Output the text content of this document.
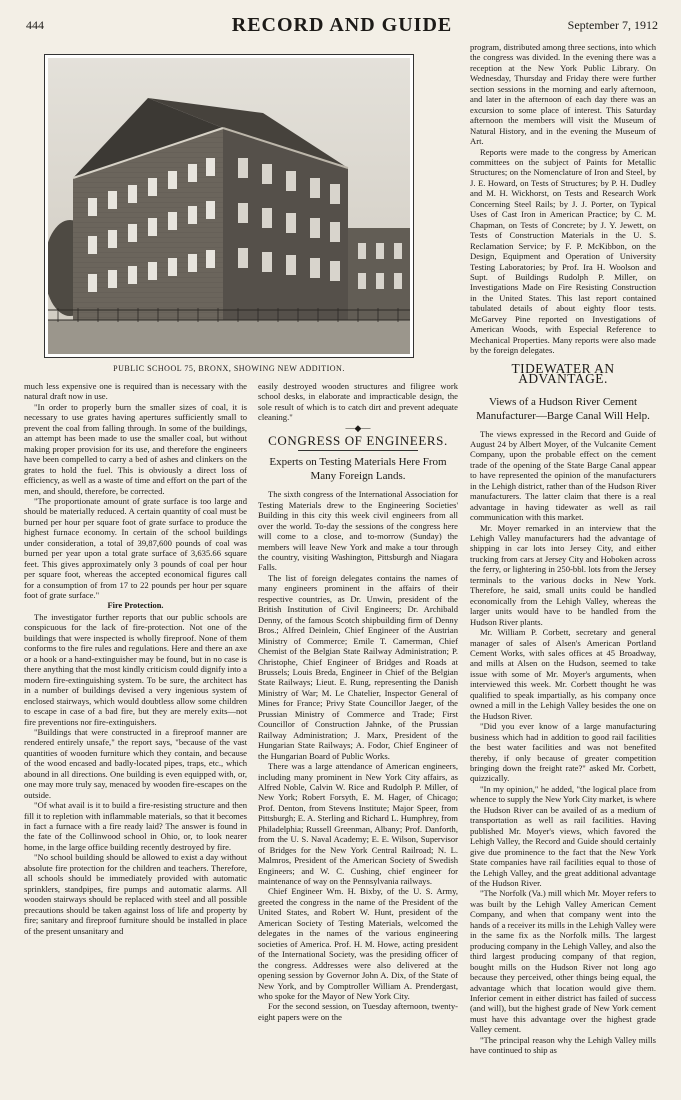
444	RECORD AND GUIDE	September 7, 1912
PUBLIC SCHOOL 75, BRONX, SHOWING NEW ADDITION.

much less expensive one is required than is necessary with the natural draft now in use.

"In order to properly burn the smaller sizes of coal, it is necessary to use grates having apertures sufficiently small to prevent the coal from falling through. In some of the buildings, an attempt has been made to use the smaller coal, but without making proper provision for its use, and therefore the engineers have been compelled to carry a bed of ashes and clinkers on the grates to hold the fuel. This is obviously a direct loss of efficiency, as well as a waste of time and effort on the part of the men, and should, therefore, be corrected.

"The proportionate amount of grate surface is too large and should be materially reduced. A certain quantity of coal must be burned per hour per square foot of grate surface to produce the highest furnace economy. In certain of the school buildings under consideration, a total of 39,87,600 pounds of coal was burned per year upon a total grate surface of 3,635.66 square feet. This gives approximately only 3 pounds of coal per hour per square foot, whereas the accepted economical figures call for a consumption of from 17 to 22 pounds per hour per square foot of grate surface."

Fire Protection.

The investigator further reports that our public schools are conspicuous for the lack of fire-protection. Not one of the buildings that were inspected is wholly fireproof. None of them conforms to the fire rules and regulations. Here and there an axe or a hook or a hand-extinguisher may be found, but in no case is there anything that the most kindly criticism could dignify into a modern fire-extinguishing system. To be sure, the architect has in a number of buildings devised a very ingenious system of enclosed stairways, which would doubtless allow some children to escape in case of a bad fire, but they are merely exits—not fire preventions nor fire-extinguishers.

"Buildings that were constructed in a fireproof manner are rendered entirely unsafe," the report says, "because of the vast quantities of wooden furniture which they contain, and because of the wood encased and badly-located pipes, traps, etc., which abound in all directions. One building is even equipped with, or, one may more truly say, menaced by wooden fire-escapes on the outside.

"Of what avail is it to build a fire-resisting structure and then fill it to repletion with inflammable materials, so that it becomes in fact a furnace with a fire ready laid? The answer is found in the fate of the Collinwood school in Ohio, or, to look nearer home, in the large office building recently destroyed by fire.

"No school building should be allowed to exist a day without absolute fire protection for the children and teachers. Therefore, all schools should be immediately provided with automatic sprinklers, standpipes, fire pumps and automatic alarms. All wooden stairways should be replaced with steel and all possible precautions should be taken against loss of life and property by fire; sanitary and fireproof furniture should be installed in place of the present unsanitary and

easily destroyed wooden structures and filigree work school desks, in elaborate and impracticable design, the sole result of which is to catch dirt and prevent adequate cleaning."

—◆—
CONGRESS OF ENGINEERS.
Experts on Testing Materials Here From Many Foreign Lands.

The sixth congress of the International Association for Testing Materials drew to the Engineering Societies' Building in this city this week civil engineers from all over the world. To-day the sessions of the congress here will come to a close, and to-morrow (Sunday) the members will leave New York and make a tour through the country, visiting Washington, Pittsburgh and Niagara Falls.

The list of foreign delegates contains the names of many engineers prominent in the affairs of their respective countries, as Dr. Unwin, president of the British Institution of Civil Engineers; Dr. Archibald Denny, of the famous Scotch shipbuilding firm of Denny Bros.; Alfred Deinlein, Chief Engineer of the Austrian Ministry of Commerce; Emile T. Camerman, Chief Chemist of the Belgian State Railway Administration; P. Christophe, Chief Engineer of Bridges and Roads at Brussels; Louis Breda, Engineer in Chief of the Belgian State Railways; Lieut. E. Rung, representing the Danish Ministry of War; M. Le Chatelier, Inspector General of Mines for France; Privy State Councillor Jaeger, of the Prussian Ministry of Commerce and Trade; First Councillor of Construction Jahnke, of the Prussian Railway Administration; J. Marx, President of the Hungarian State Railways; A. Fodor, Chief Engineer of the Hungarian Board of Public Works.

There was a large attendance of American engineers, including many prominent in New York City affairs, as Alfred Noble, Calvin W. Rice and Rudolph P. Miller, of New York; Robert Forsyth, E. M. Hager, of Chicago; Prof. Denton, from Stevens Institute; Major Speer, from Pittsburgh; E. A. Sterling and Richard L. Humphrey, from Philadelphia; Russell Greenman, Albany; Prof. Danforth, from the U. S. Naval Academy; E. E. Wilson, Supervisor of Bridges for the New York Central Railroad; N. L. Malmros, President of the American Society of Swedish Engineers; and W. C. Cushing, chief engineer for maintenance of way on the Pennsylvania railways.

Chief Engineer Wm. H. Bixby, of the U. S. Army, greeted the congress in the name of the President of the United States, and Robert W. Hunt, president of the American Society of Testing Materials, welcomed the delegates in the names of the various engineering societies of America. Prof. H. M. Howe, acting president of the International Society, was the presiding officer of the congress. Addresses were also delivered at the opening session by Governor John A. Dix, of the State of New York, and by Comptroller William A. Prendergast, who spoke for the Mayor of New York City.

For the second session, on Tuesday afternoon, twenty-eight papers were on the

program, distributed among three sections, into which the congress was divided. In the evening there was a reception at the New York Public Library. On Wednesday, Thursday and Friday there were further section sessions in the morning and early afternoon, and later in the afternoon of each day there was an excursion to some place of interest. This Saturday afternoon the members will visit the Museum of Natural History, and in the evening the Museum of Art.

Reports were made to the congress by American committees on the subject of Paints for Metallic Structures; on the Nomenclature of Iron and Steel, by J. E. Howard, on Tests of Structures; by P. H. Dudley and M. H. Wickhorst, on Tests and Research Work Concerning Steel Rails; by J. J. Porter, on Typical Uses of Cast Iron in American Practice; by C. M. Chapman, on Tests of Concrete; by J. Y. Jewett, on Tests of Construction Materials in the U. S. Reclamation Service; by F. P. McKibbon, on the Design, Equipment and Operation of University Testing Laboratories; by Prof. Ira H. Woolson and Supt. of Buildings Rudolph P. Miller, on Investigations Made on Fire Resisting Construction in the United States. This last report contained tabulated details of about eighty floor tests. McGarvey Pine reported on Investigations of American Woods, with Especial Reference to Mechanical Properties. Many reports were also made by the foreign delegates.

TIDEWATER AN ADVANTAGE.
Views of a Hudson River Cement Manufacturer—Barge Canal Will Help.

The views expressed in the Record and Guide of August 24 by Albert Moyer, of the Vulcanite Cement Company, upon the probable effect on the cement trade of the opening of the State Barge Canal appear to have represented the opinion of the manufacturers in the Lehigh district, rather than of the Hudson River manufacturers. The latter claim that there is a real advantage in having tidewater as well as rail communication with this market.

Mr. Moyer remarked in an interview that the Lehigh Valley manufacturers had the advantage of shipping in car lots into Jersey City, and either trucking from cars at Jersey City and Hoboken across the ferry, or lightering in 250-bbl. lots from the Jersey terminals to the various docks in New York. Therefore, he said, small units could be handled economically from the Lehigh Valley, whereas the larger units would have to be handled from the Hudson River plants.

Mr. William P. Corbett, secretary and general manager of sales of Alsen's American Portland Cement Works, with sales offices at 45 Broadway, and mills at Alsen on the Hudson, seemed to take issue with some of Mr. Moyer's arguments, when interviewed this week. Mr. Corbett thought he was qualified to speak impartially, as his company once owned a mill in the Lehigh Valley besides the one on the Hudson River.

"Did you ever know of a large manufacturing business which had in addition to good rail facilities the best water facilities and was not benefited thereby, if only because of greater competition bringing down the freight rate?" asked Mr. Corbett, quizzically.

"In my opinion," he added, "the logical place from whence to supply the New York City market, is where the Hudson River can be availed of as a medium of transportation as well as rail facilities. Having published Mr. Moyer's views, which favored the Lehigh Valley, the Record and Guide should certainly give due prominence to the fact that the New York State companies have rail facilities equal to those of the Lehigh Valley, and the great additional advantage of the Hudson River.

"The Norfolk (Va.) mill which Mr. Moyer refers to was built by the Lehigh Valley American Cement Company, and when that company went into the hands of a receiver its mills in the Lehigh Valley were in the same fix as the Norfolk mills. The largest producing company in the Lehigh Valley, and also the third largest producing company of that region, bought mills on the Hudson River not long ago because they perceived, other things being equal, the advantage which that location would give them. Inferior cement in either district has failed of success (and will), but the highest grade of New York cement must have this advantage over the highest grade Valley cement.

"The principal reason why the Lehigh Valley mills have continued to ship as
